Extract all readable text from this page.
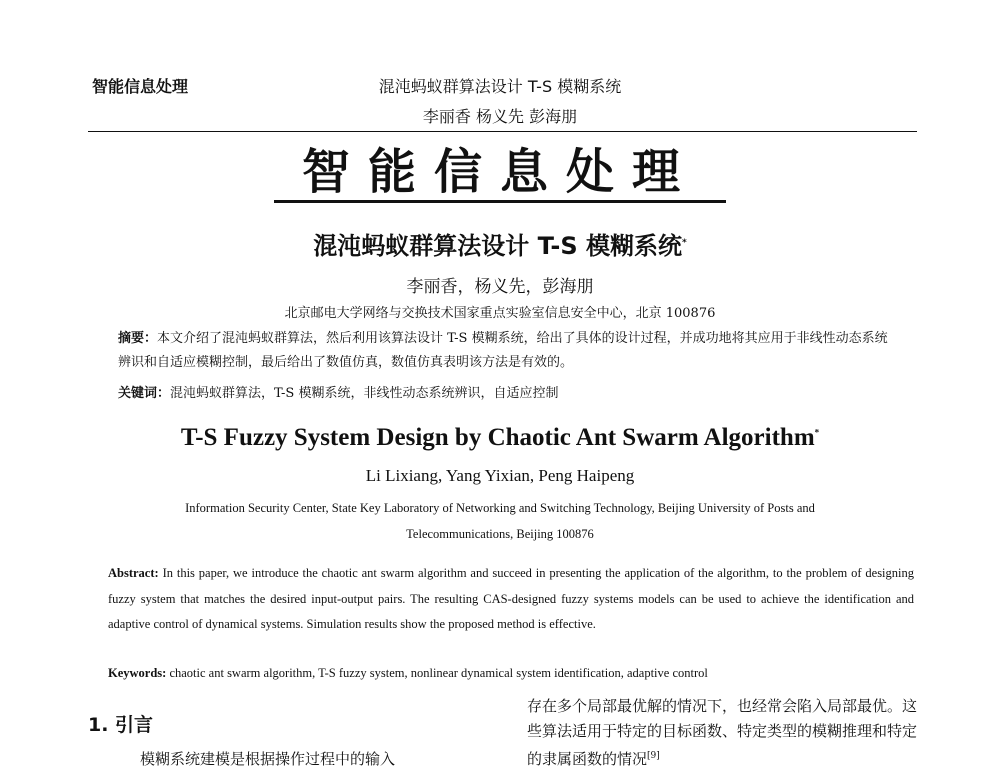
智能信息处理	混沌蚂蚁群算法设计 T-S 模糊系统
李丽香 杨义先 彭海朋
智能信息处理
混沌蚂蚁群算法设计 T-S 模糊系统*
李丽香，杨义先，彭海朋
北京邮电大学网络与交换技术国家重点实验室信息安全中心，北京 100876
摘要：本文介绍了混沌蚂蚁群算法，然后利用该算法设计 T-S 模糊系统，给出了具体的设计过程，并成功地将其应用于非线性动态系统辨识和自适应模糊控制，最后给出了数值仿真，数值仿真表明该方法是有效的。
关键词：混沌蚂蚁群算法，T-S 模糊系统，非线性动态系统辨识，自适应控制
T-S Fuzzy System Design by Chaotic Ant Swarm Algorithm*
Li Lixiang, Yang Yixian, Peng Haipeng
Information Security Center, State Key Laboratory of Networking and Switching Technology, Beijing University of Posts and Telecommunications, Beijing 100876
Abstract: In this paper, we introduce the chaotic ant swarm algorithm and succeed in presenting the application of the algorithm, to the problem of designing fuzzy system that matches the desired input-output pairs. The resulting CAS-designed fuzzy systems models can be used to achieve the identification and adaptive control of dynamical systems. Simulation results show the proposed method is effective.
Keywords: chaotic ant swarm algorithm, T-S fuzzy system, nonlinear dynamical system identification, adaptive control
1. 引言
模糊系统建模是根据操作过程中的输入
存在多个局部最优解的情况下，也经常会陷入局部最优。这些算法适用于特定的目标函数、特定类型的模糊推理和特定的隶属函数的情况[9]
